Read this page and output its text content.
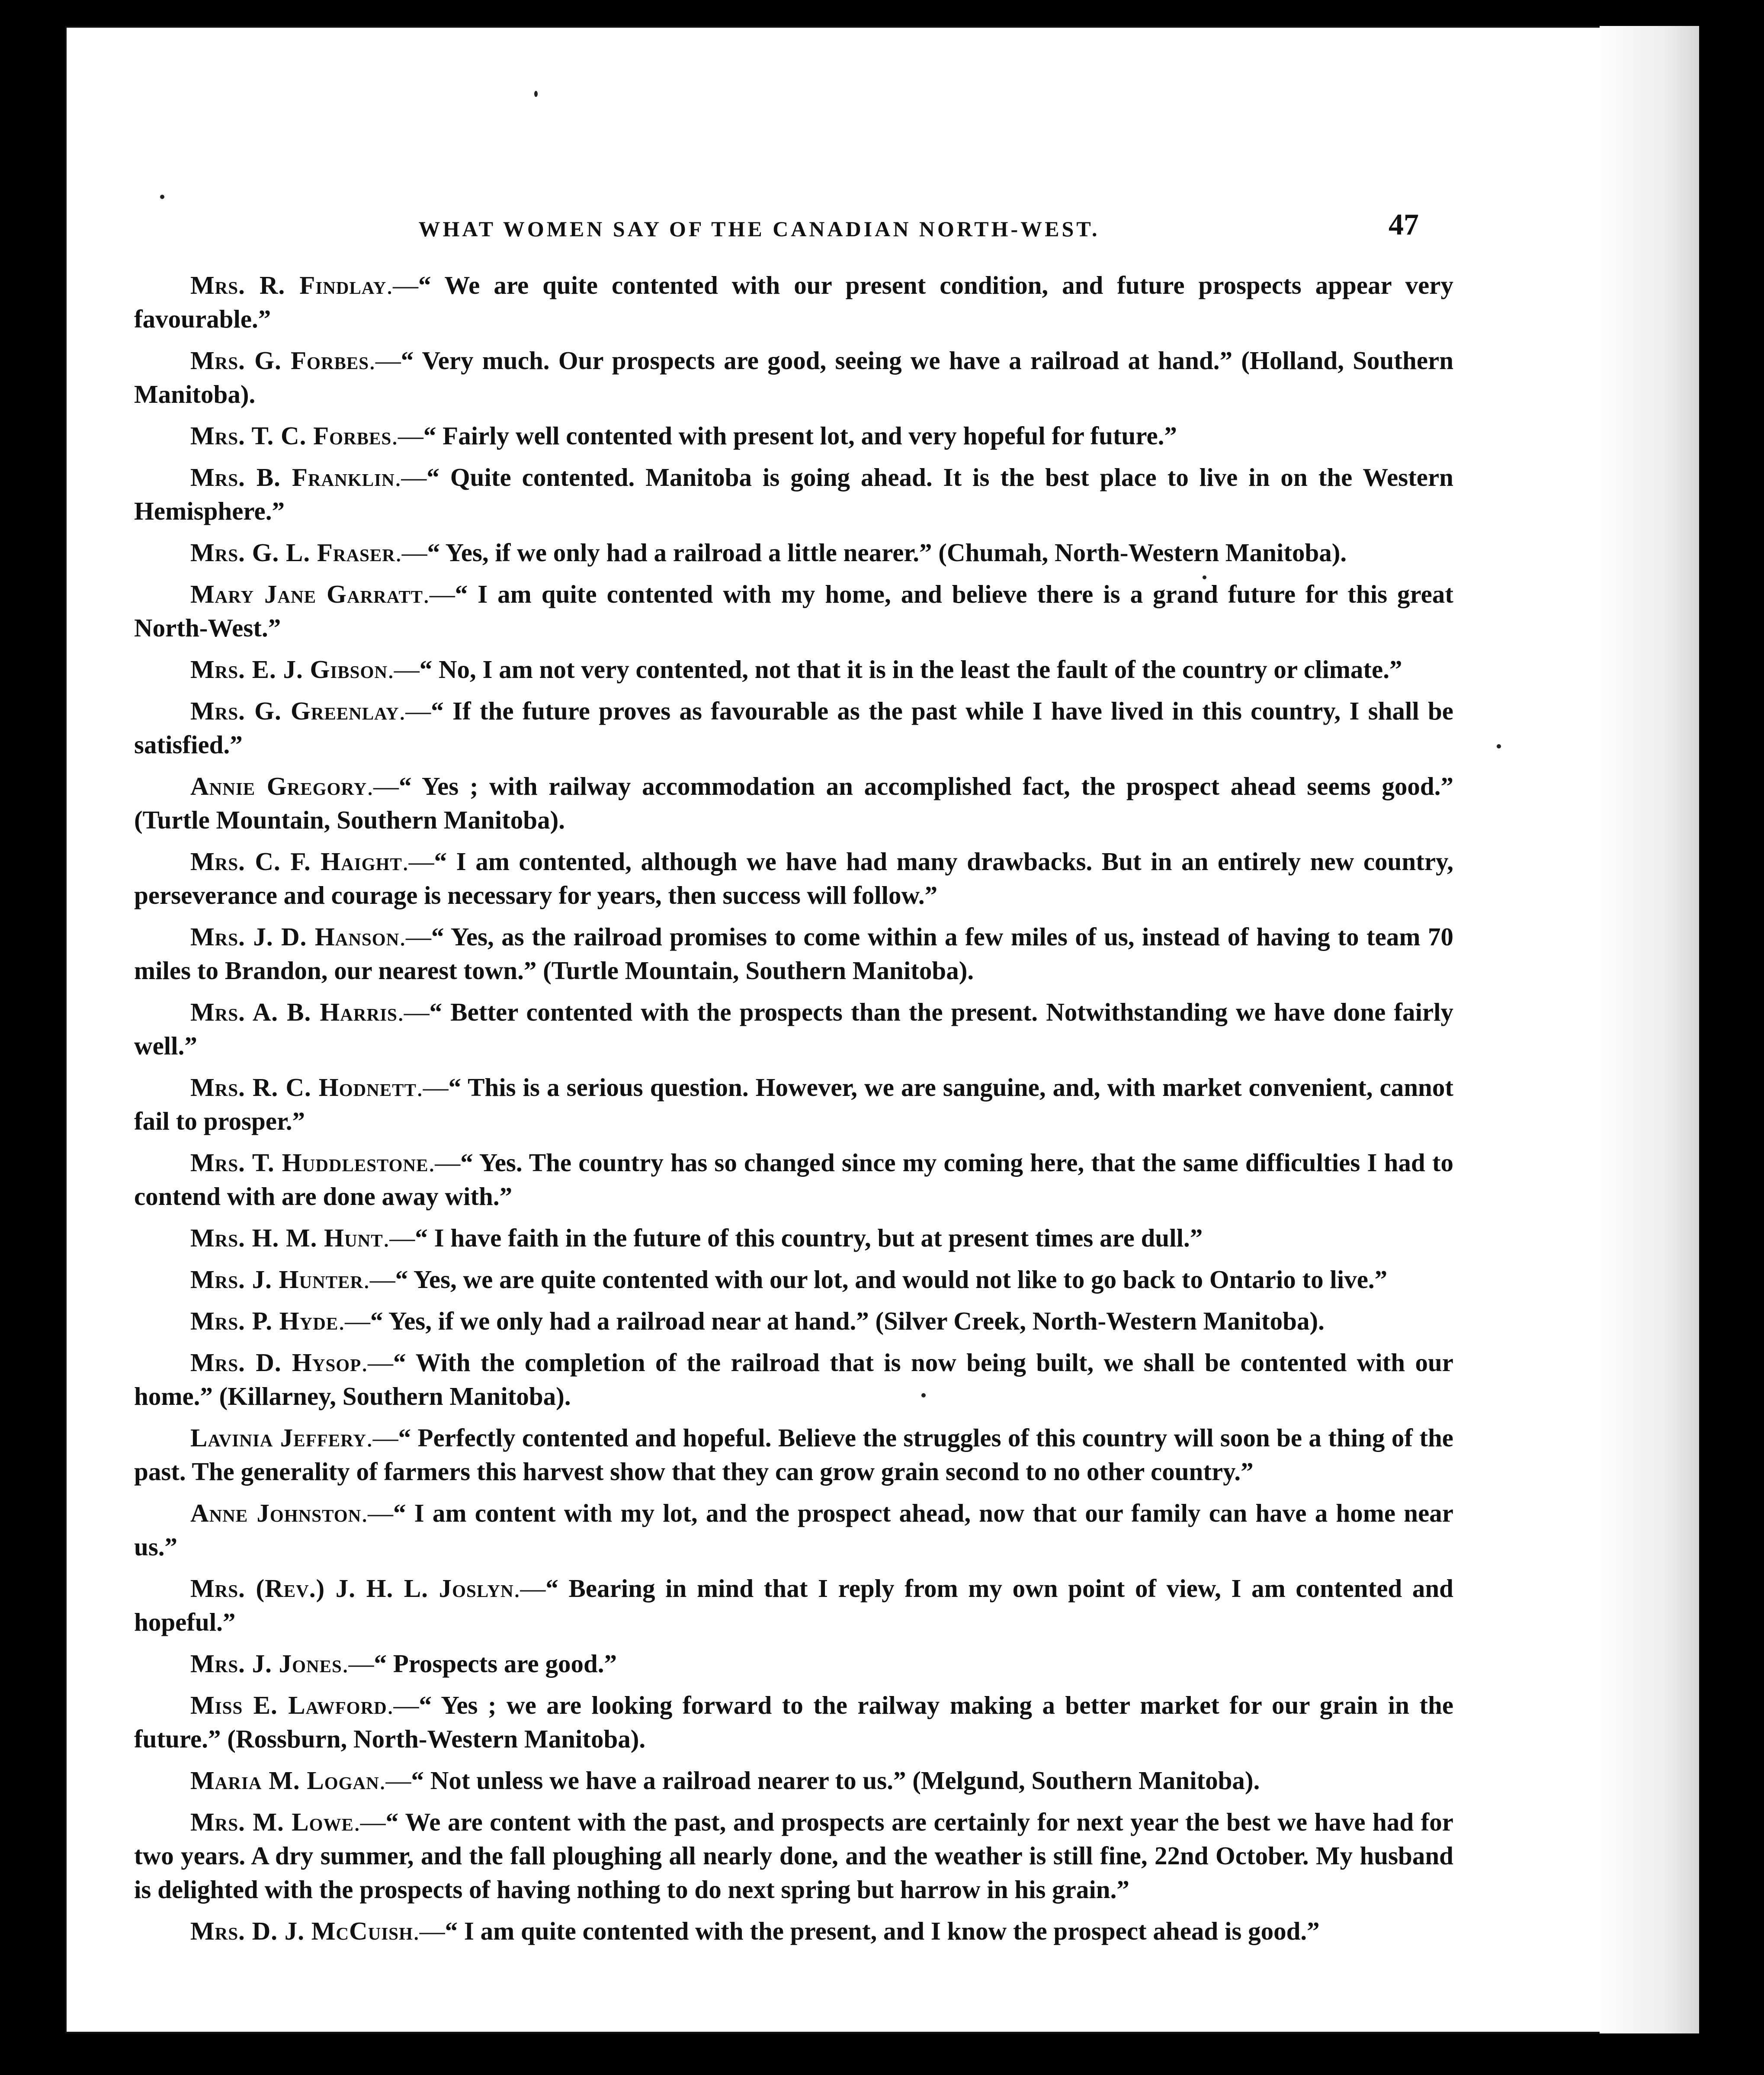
WHAT WOMEN SAY OF THE CANADIAN NORTH-WEST.	47

Mrs. R. Findlay.—“ We are quite contented with our present condition, and future prospects appear very favourable.”

Mrs. G. Forbes.—“ Very much. Our prospects are good, seeing we have a railroad at hand.” (Holland, Southern Manitoba).

Mrs. T. C. Forbes.—“ Fairly well contented with present lot, and very hopeful for future.”

Mrs. B. Franklin.—“ Quite contented. Manitoba is going ahead. It is the best place to live in on the Western Hemisphere.”

Mrs. G. L. Fraser.—“ Yes, if we only had a railroad a little nearer.” (Chumah, North-Western Manitoba).

Mary Jane Garratt.—“ I am quite contented with my home, and believe there is a grand future for this great North-West.”

Mrs. E. J. Gibson.—“ No, I am not very contented, not that it is in the least the fault of the country or climate.”

Mrs. G. Greenlay.—“ If the future proves as favourable as the past while I have lived in this country, I shall be satisfied.”

Annie Gregory.—“ Yes ; with railway accommodation an accomplished fact, the prospect ahead seems good.” (Turtle Mountain, Southern Manitoba).

Mrs. C. F. Haight.—“ I am contented, although we have had many drawbacks. But in an entirely new country, perseverance and courage is necessary for years, then success will follow.”

Mrs. J. D. Hanson.—“ Yes, as the railroad promises to come within a few miles of us, instead of having to team 70 miles to Brandon, our nearest town.” (Turtle Mountain, Southern Manitoba).

Mrs. A. B. Harris.—“ Better contented with the prospects than the present. Notwithstanding we have done fairly well.”

Mrs. R. C. Hodnett.—“ This is a serious question. However, we are sanguine, and, with market convenient, cannot fail to prosper.”

Mrs. T. Huddlestone.—“ Yes. The country has so changed since my coming here, that the same difficulties I had to contend with are done away with.”

Mrs. H. M. Hunt.—“ I have faith in the future of this country, but at present times are dull.”

Mrs. J. Hunter.—“ Yes, we are quite contented with our lot, and would not like to go back to Ontario to live.”

Mrs. P. Hyde.—“ Yes, if we only had a railroad near at hand.” (Silver Creek, North-Western Manitoba).

Mrs. D. Hysop.—“ With the completion of the railroad that is now being built, we shall be contented with our home.” (Killarney, Southern Manitoba).

Lavinia Jeffery.—“ Perfectly contented and hopeful. Believe the struggles of this country will soon be a thing of the past. The generality of farmers this harvest show that they can grow grain second to no other country.”

Anne Johnston.—“ I am content with my lot, and the prospect ahead, now that our family can have a home near us.”

Mrs. (Rev.) J. H. L. Joslyn.—“ Bearing in mind that I reply from my own point of view, I am contented and hopeful.”

Mrs. J. Jones.—“ Prospects are good.”

Miss E. Lawford.—“ Yes ; we are looking forward to the railway making a better market for our grain in the future.” (Rossburn, North-Western Manitoba).

Maria M. Logan.—“ Not unless we have a railroad nearer to us.” (Melgund, Southern Manitoba).

Mrs. M. Lowe.—“ We are content with the past, and prospects are certainly for next year the best we have had for two years. A dry summer, and the fall ploughing all nearly done, and the weather is still fine, 22nd October. My husband is delighted with the prospects of having nothing to do next spring but harrow in his grain.”

Mrs. D. J. McCuish.—“ I am quite contented with the present, and I know the prospect ahead is good.”
